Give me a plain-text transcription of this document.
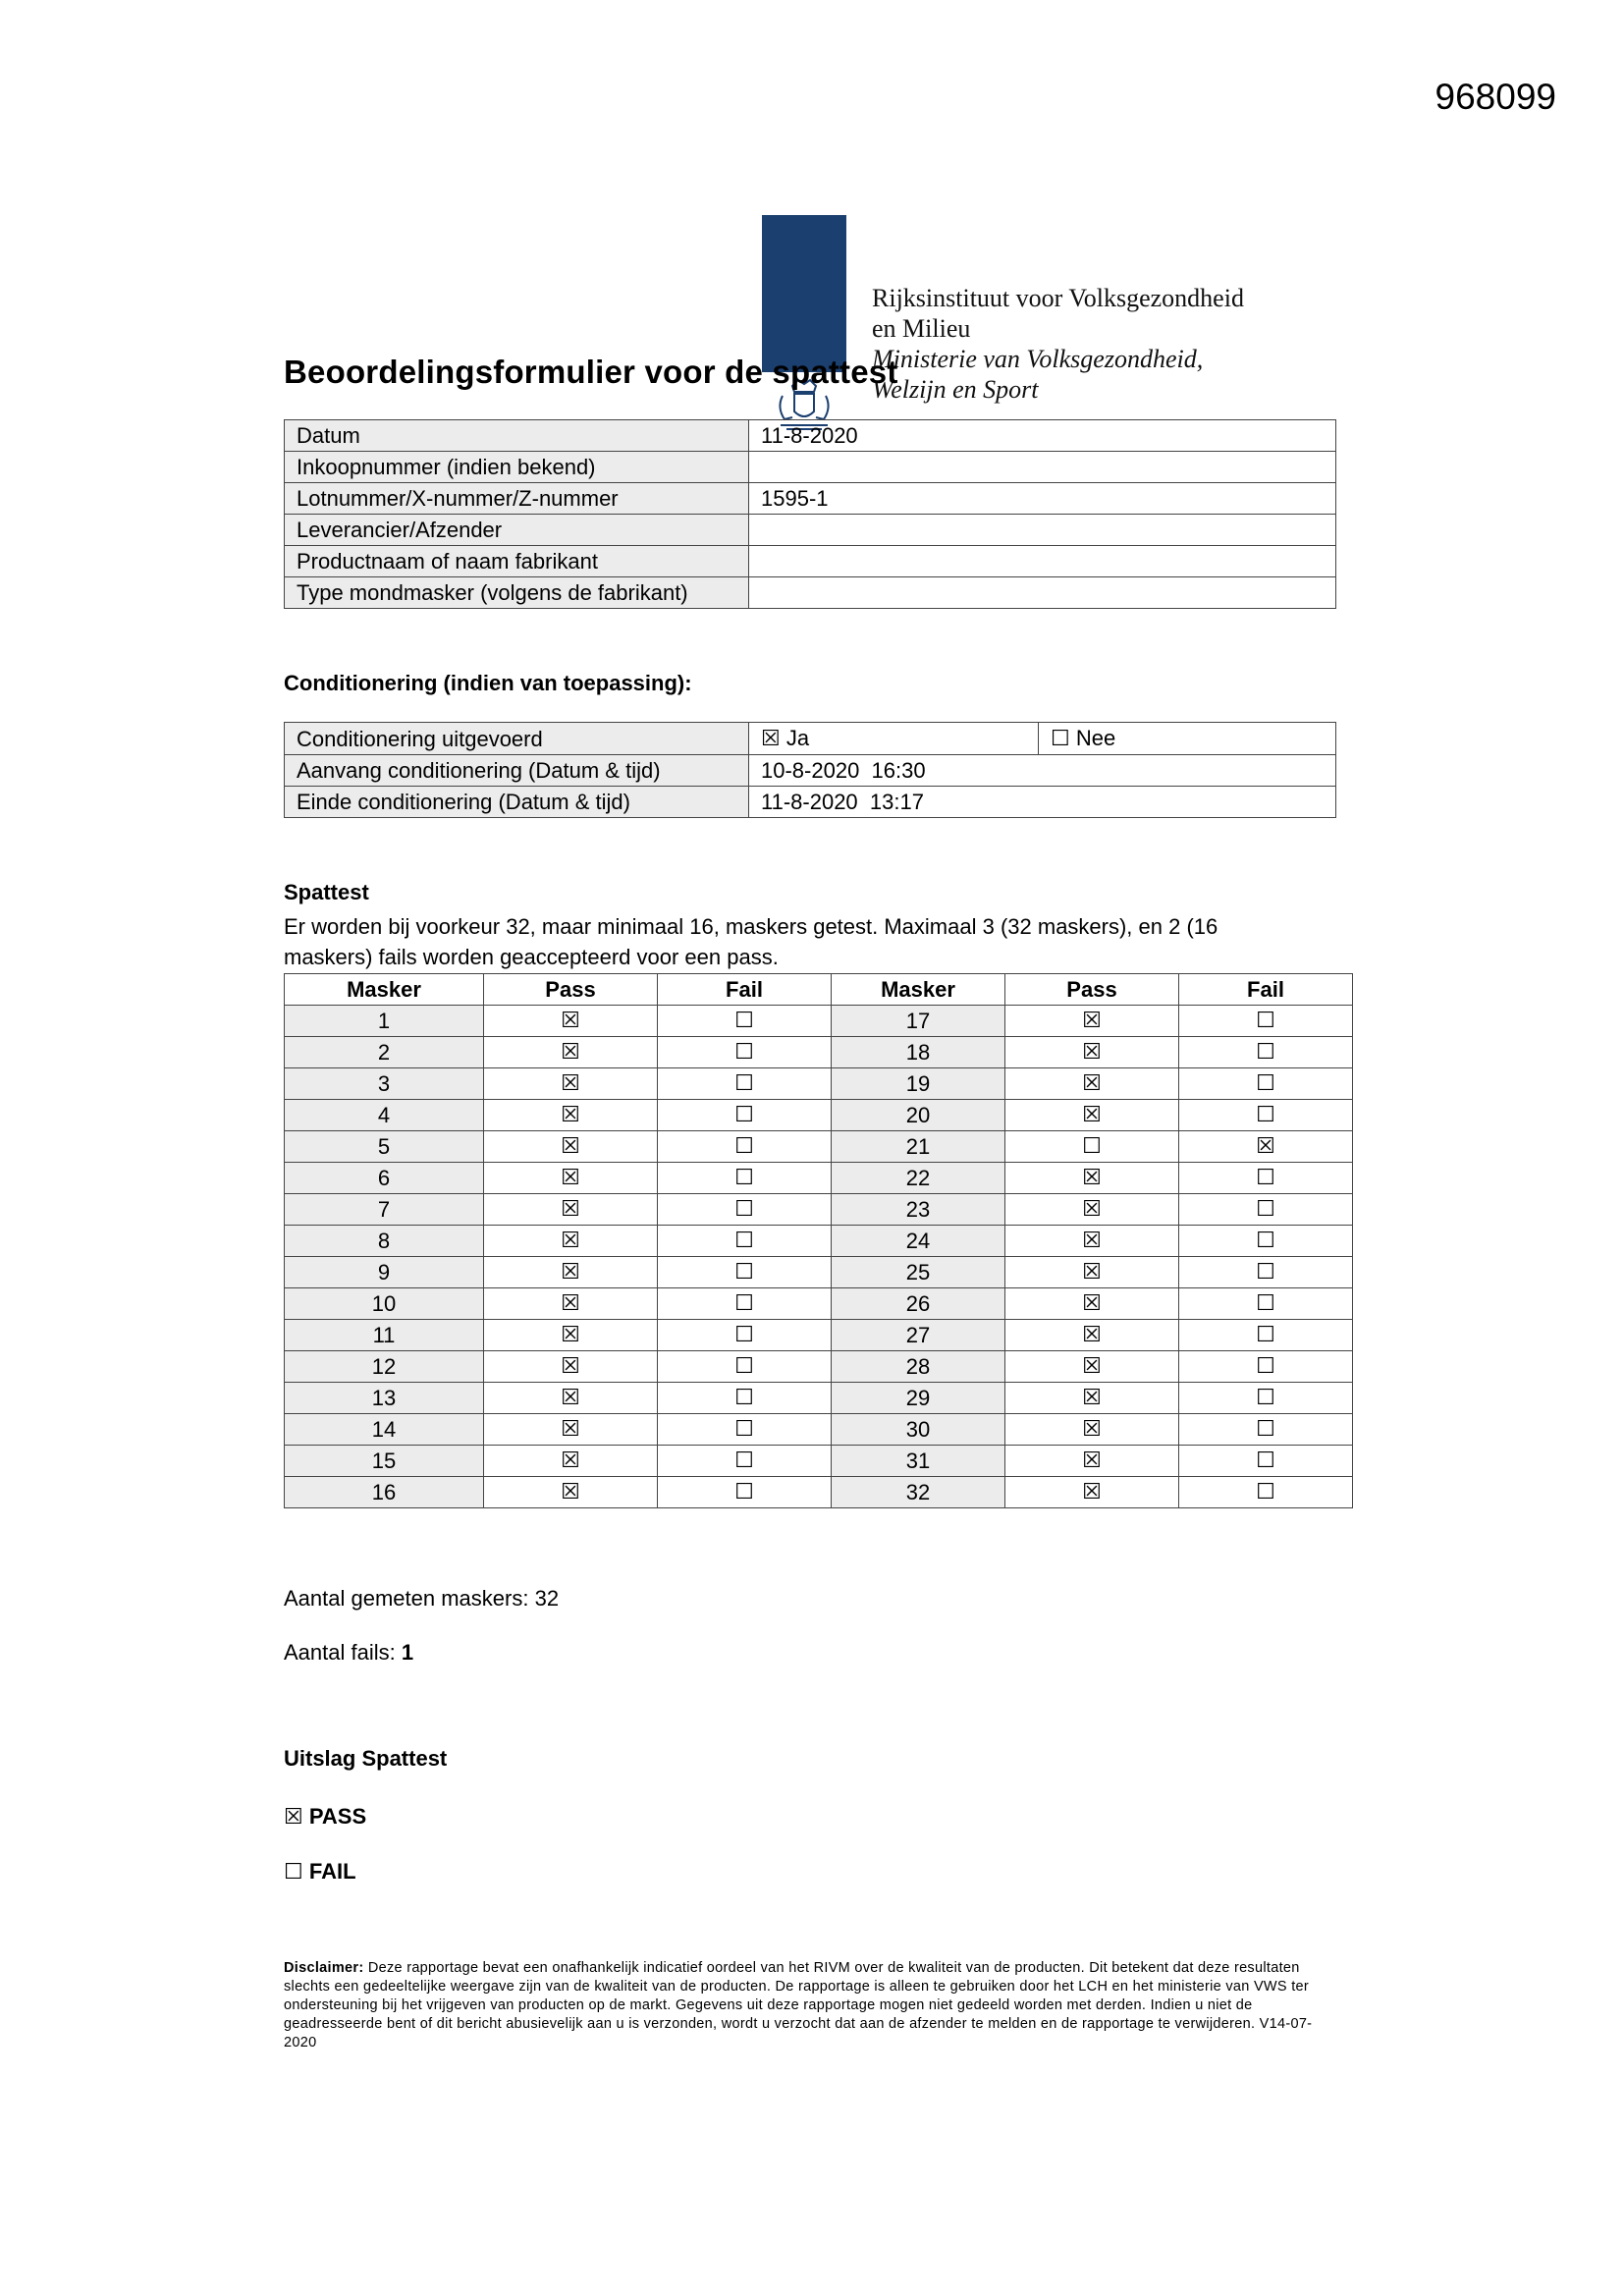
968099
Rijksinstituut voor Volksgezondheid
en Milieu
Ministerie van Volksgezondheid,
Welzijn en Sport
Beoordelingsformulier voor de spattest
Datum	11-8-2020
Inkoopnummer (indien bekend)	
Lotnummer/X-nummer/Z-nummer	1595-1
Leverancier/Afzender	
Productnaam of naam fabrikant	
Type mondmasker (volgens de fabrikant)	
Conditionering (indien van toepassing):
Conditionering uitgevoerd	☒ Ja	☐ Nee
Aanvang conditionering (Datum & tijd)	10-8-2020  16:30	
Einde conditionering (Datum & tijd)	11-8-2020  13:17	
Spattest
Er worden bij voorkeur 32, maar minimaal 16, maskers getest. Maximaal 3 (32 maskers), en 2 (16
maskers) fails worden geaccepteerd voor een pass.
Masker	Pass	Fail	Masker	Pass	Fail
1	☒	☐	17	☒	☐
2	☒	☐	18	☒	☐
3	☒	☐	19	☒	☐
4	☒	☐	20	☒	☐
5	☒	☐	21	☐	☒
6	☒	☐	22	☒	☐
7	☒	☐	23	☒	☐
8	☒	☐	24	☒	☐
9	☒	☐	25	☒	☐
10	☒	☐	26	☒	☐
11	☒	☐	27	☒	☐
12	☒	☐	28	☒	☐
13	☒	☐	29	☒	☐
14	☒	☐	30	☒	☐
15	☒	☐	31	☒	☐
16	☒	☐	32	☒	☐
Aantal gemeten maskers: 32
Aantal fails: 1
Uitslag Spattest
☒ PASS
☐ FAIL
Disclaimer: Deze rapportage bevat een onafhankelijk indicatief oordeel van het RIVM over de kwaliteit van de producten. Dit betekent dat deze resultaten slechts een gedeeltelijke weergave zijn van de kwaliteit van de producten. De rapportage is alleen te gebruiken door het LCH en het ministerie van VWS ter ondersteuning bij het vrijgeven van producten op de markt. Gegevens uit deze rapportage mogen niet gedeeld worden met derden. Indien u niet de geadresseerde bent of dit bericht abusievelijk aan u is verzonden, wordt u verzocht dat aan de afzender te melden en de rapportage te verwijderen. V14-07-2020
